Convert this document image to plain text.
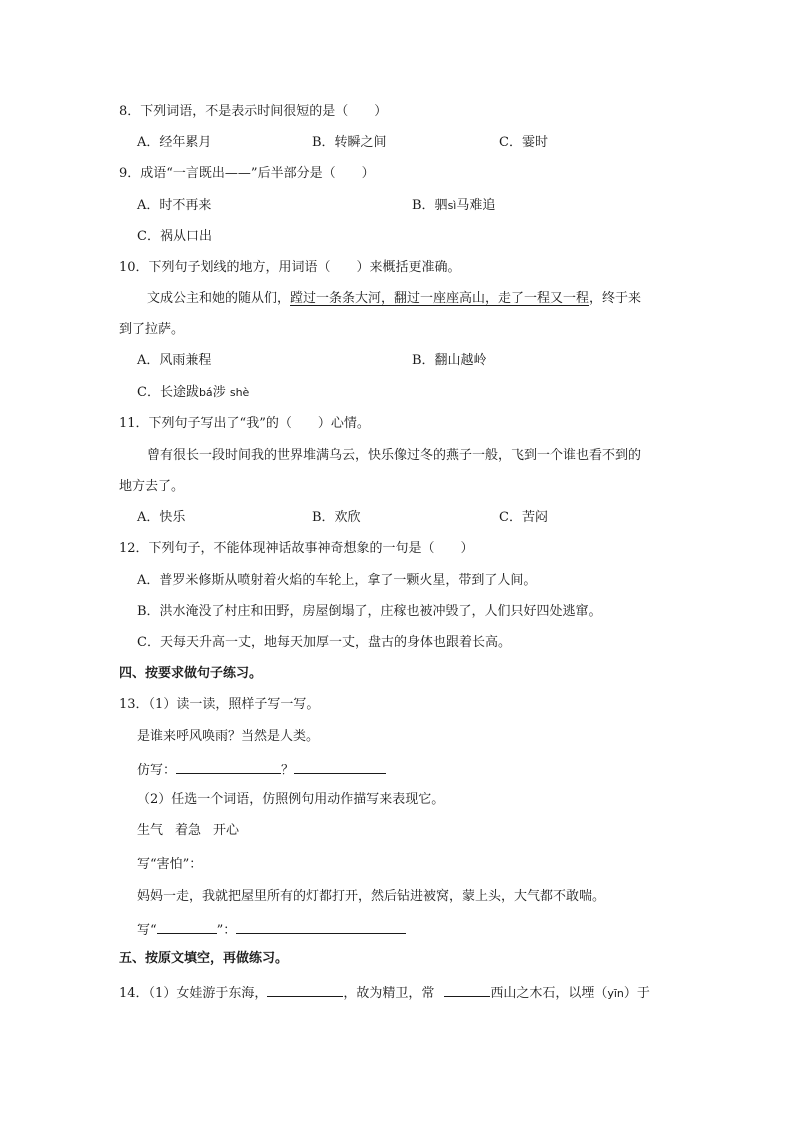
8．下列词语，不是表示时间很短的是（　　）
A．经年累月	B．转瞬之间	C．霎时
9．成语“一言既出——”后半部分是（　　）
A．时不再来	B．驷sì马难追
C．祸从口出
10．下列句子划线的地方，用词语（　　）来概括更准确。
文成公主和她的随从们，蹚过一条条大河，翻过一座座高山，走了一程又一程，终于来
到了拉萨。
A．风雨兼程	B．翻山越岭
C．长途跋bá涉 shè
11．下列句子写出了“我”的（　　）心情。
曾有很长一段时间我的世界堆满乌云，快乐像过冬的燕子一般，飞到一个谁也看不到的
地方去了。
A．快乐	B．欢欣	C．苦闷
12．下列句子，不能体现神话故事神奇想象的一句是（　　）
A．普罗米修斯从喷射着火焰的车轮上，拿了一颗火星，带到了人间。
B．洪水淹没了村庄和田野，房屋倒塌了，庄稼也被冲毁了，人们只好四处逃窜。
C．天每天升高一丈，地每天加厚一丈，盘古的身体也跟着长高。
四、按要求做句子练习。
13．（1）读一读，照样子写一写。
是谁来呼风唤雨？当然是人类。
仿写：	？
（2）任选一个词语，仿照例句用动作描写来表现它。
生气 着急 开心
写“害怕”：
妈妈一走，我就把屋里所有的灯都打开，然后钻进被窝，蒙上头，大气都不敢喘。
写“	”：
五、按原文填空，再做练习。
14．（1）女娃游于东海，	，故为精卫，常	西山之木石，以堙（yīn）于
